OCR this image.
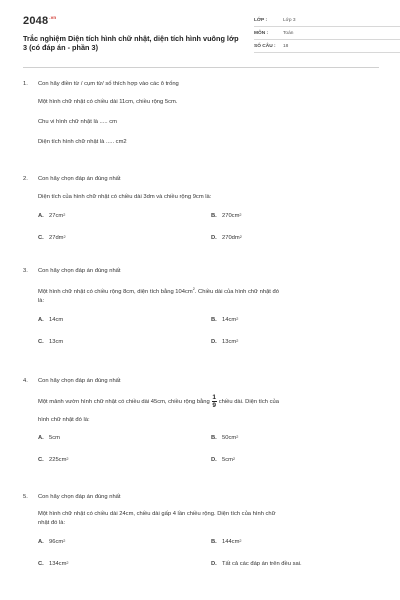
$2048^{.vn}$
Trắc nghiệm Diện tích hình chữ nhật, diện tích hình vuông lớp 3 (có đáp án - phần 3)
LỚP :	Lớp 3
MÔN :	Toán
SỐ CÂU :	18
1.	Con hãy điền từ / cụm từ/ số thích hợp vào các ô trống
Một hình chữ nhật có chiều dài 11cm, chiều rộng 5cm.
Chu vi hình chữ nhật là ..... cm
Diện tích hình chữ nhật là ..... cm2
2.	Con hãy chọn đáp án đúng nhất
Diện tích của hình chữ nhật có chiều dài 3dm và chiều rộng 9cm là:
A. 27cm 2	B. 270cm 2
C. 27dm 2	D. 270dm 2
3.	Con hãy chọn đáp án đúng nhất
Một hình chữ nhật có chiều rộng 8cm, diện tích bằng $104cm^2$. Chiều dài của hình chữ nhật đó
là:
A. 14cm	B. 14cm 2
C. 13cm	D. 13cm 2
4.	Con hãy chọn đáp án đúng nhất
Một mảnh vườn hình chữ nhật có chiều dài 45cm, chiều rộng bằng $\frac{1}{9}$ chiều dài. Diện tích của
hình chữ nhật đó là:
A. 5cm	B. 50cm 2
C. 225cm 2	D. 5cm 2
5.	Con hãy chọn đáp án đúng nhất
Một hình chữ nhật có chiều dài 24cm, chiều dài gấp 4 lần chiều rộng. Diện tích của hình chữ
nhật đó là:
A. 96cm 2	B. 144cm 2
C. 134cm 2	D. Tất cả các đáp án trên đều sai.
